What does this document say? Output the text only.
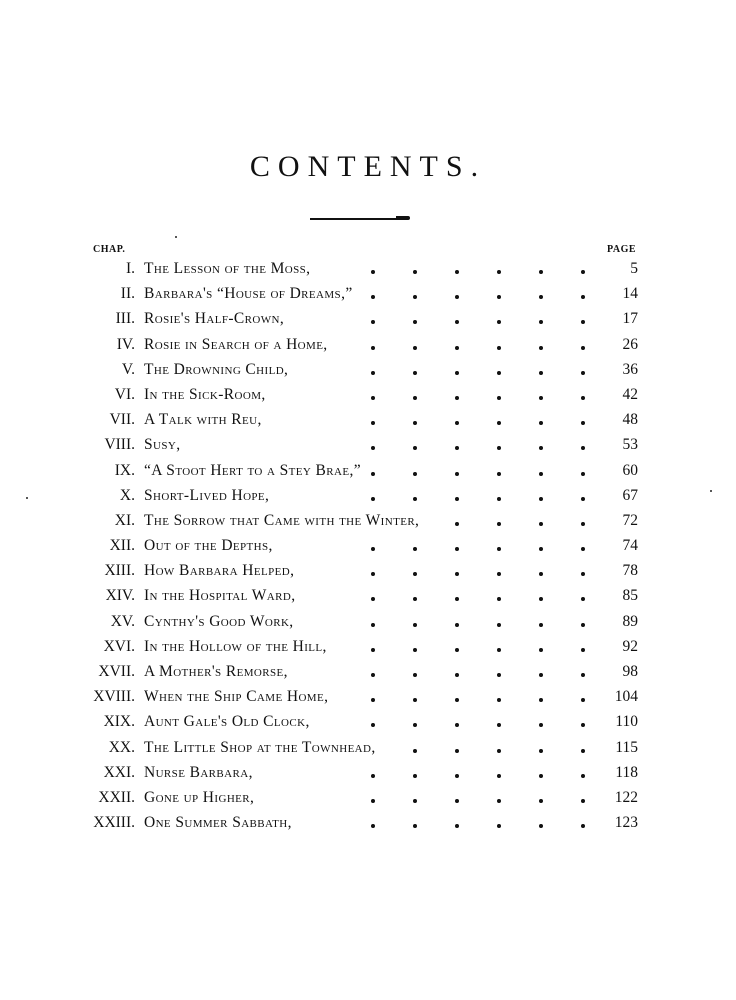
CONTENTS.
CHAP.	PAGE
I. The Lesson of the Moss,	5
II. Barbara's “House of Dreams,”	14
III. Rosie's Half-Crown,	17
IV. Rosie in Search of a Home,	26
V. The Drowning Child,	36
VI. In the Sick-Room,	42
VII. A Talk with Reu,	48
VIII. Susy,	53
IX. “A Stoot Hert to a Stey Brae,”	60
X. Short-Lived Hope,	67
XI. The Sorrow that Came with the Winter,	72
XII. Out of the Depths,	74
XIII. How Barbara Helped,	78
XIV. In the Hospital Ward,	85
XV. Cynthy's Good Work,	89
XVI. In the Hollow of the Hill,	92
XVII. A Mother's Remorse,	98
XVIII. When the Ship Came Home,	104
XIX. Aunt Gale's Old Clock,	110
XX. The Little Shop at the Townhead,	115
XXI. Nurse Barbara,	118
XXII. Gone up Higher,	122
XXIII. One Summer Sabbath,	123
